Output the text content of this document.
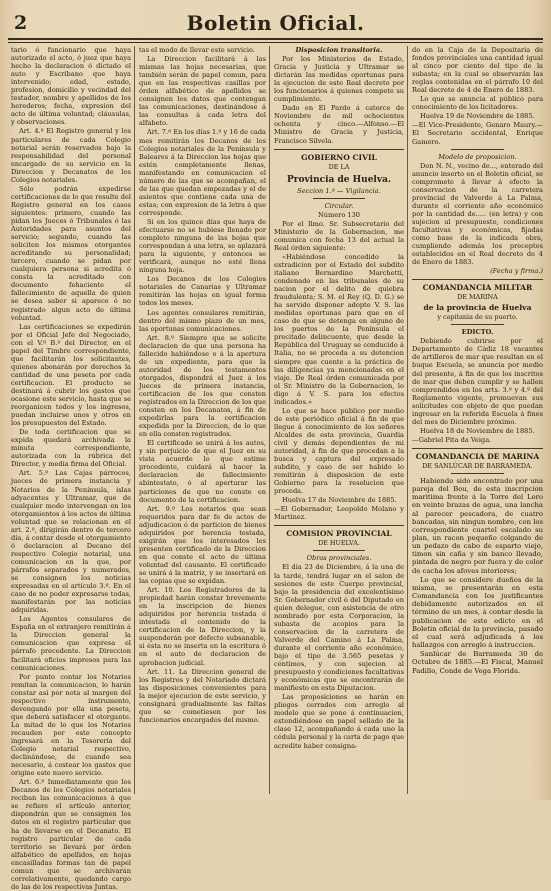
2	Boletin Oficial.

tario ó funcionario que haya autorizado el acto, ó juez que haya hecho la declaracion ó dictado el auto y Escribano que haya intervenido; edad, estado, profesion, domicilio y vecindad del testador, nombre y apellidos de los herederos; fecha, expresion del acto de última voluntad; cláusulas, y observaciones.

Art. 4.º El Registro general y los particulares de cada Colegio notarial serán reservados bajo la responsabilidad del personal encargado de su servicio en la Direccion y Decanatos de los Colegios notariales.

Sólo podrán expedirse certificaciones de lo que resulte del Registro general en los casos siguientes: primero, cuando las pidan los Jueces ó Tribunales ó las Autoridades para asuntos del servicio; segundo, cuando las soliciten los mismos otorgantes acreditando su personalidad; tercero, cuando se pidan por cualquiera persona si acredita ó consta la acreditado con documento fehaciente el fallecimiento de aquella de quien se desea saber si aparece ó no registrado algun acto de última voluntad.

Las certificaciones se expedirán por el Oficial Jefe del Negociado, con el V.º B.º del Director, en el papel del Timbre correspondiente, que facilitarán los solicitantes, quienes abonarán por derechos la cantidad de una peseta por cada certificacion. El producto se destinará á cubrir los gastos que ocasione este servicio, hasta que se reorganicen todos y los ingresos, puedan incluirse unos y otros en los presupuestos del Estado.

De toda certificacion que se expida quedará archivada la minuta correspondiente, autorizada con la rúbrica del Director, y media firma del Oficial.

Art. 5.º Las Cajas párrocos, jueces de primera instancia y Notarios de la Península, islas adyacentes y Ultramar, que de cualquier modo intervengan en los otorgamientos á los actos de última voluntad que se relacionan en el art. 2.º, dirigirán dentro de tercero día, á contar desde el otorgamiento ó declaracion al Decano del respectivo Colegio notarial, una comunicacion en la que, por párrafos separados y numerados, se consignen los noticias expresadas en el artículo 3.º. En el caso de no poder expresarse todas, manifestarán por las noticias adquiridas.

Los Agentes consulares de España en el extranjero remitirán á la Direccion general la comunicacion que expresa el párrafo precedente. La Direccion facilitará oficios impresos para las comunicaciones.

Por punto contar los Notarios remitan la comunicacion, lo harán constar así por nota al margen del respectivo instrumento, devengando por ella una peseta, que deberá satisfacer el otorgante. La mitad de lo que los Notarios recauden por este concepto ingresará en la Tesorería del Colegio notarial respectivo, declinándose, de cuando sea necesario, á costear los gastos que origine este nuevo servicio.

Art. 6.º Inmediatamente que los Decanos de los Colegios notariales reciban las comunicaciones á que se refiere el artículo anterior, dispondrán que se consignen los datos en el registro particular que ha de llevarse en el Decanato. El registro particular de cada territorio se llevará por órden alfabético de apellidos, en hojas encasilladas formas tan de papel comun que se archivarán correlativamente, quedando cargo de las de los respectivas Juntas.

tas el modo de llevar este servicio.

La Direccion facilitará á las mismas las hojas necesarias, que también serán de papel comun, para que en las respectivas casillas por órden alfabético de apellidos se consignen los datos que contengan las comunicaciones, destinándose á las consultas á cada letra del alfabeto.

Art. 7.º En los días 1.º y 16 de cada mes remitirán los Decanos de los Colegios notariales de la Península y Baleares á la Direccion las hojas que estén completamente llenas, manifestando en comunicacion el número de las que se acompañan, el de las que quedan empezadas y el de asientos que contiene cada una de estas; con expresion de la letra á que corresponde.

Si en los quince días que haya de efectuarse no se hubiese llenado por completo ninguna de las hojas que correspondan á una letra, se aplazará para la siguiente, y entonces se verificará, aunque no esté llena ninguna hoja.

Los Decanos de los Colegios notariales de Canarias y Ultramar remitirán las hojas en igual forma todos los meses.

Los agentes consulares remitirán, dentro del mismo plazo de un mes, las oportunas comunicaciones.

Art. 8.º Siempre que se solicite declaracion de que una persona ha fallecido habiéndose o á la apertura de un expediente, para que la autoridad de los testamentos otorgados, dispondrá el Juez á los Jueces de primera instancia, certificacion de los que consten registrados en la Direccion de los que consten en los Decanatos, á fin de expedirlas para la certificacion expedida por la Direccion, de lo que en ella consten registrados.

El certificado se unirá á los autos, y sin perjuicio de que el Juez en su vista acuerde lo que estime procedente, cuidará al hacer la declaracion de fallecimiento abintestato, ó al aperturar las particiones de que no conste en documento de la certificacion.

Art. 9.º Los notarios que sean requeridos para dar fe de actos de adjudicacion ó de particion de bienes adquiridos por herencia testada, exigirán que los interesados les presenten certificado de la Direccion en que conste el acto de última voluntad del causante. El certificado se unirá á la matriz, y se insertará en las copias que se expidan.

Art. 10. Los Registradores de la propiedad harán constar brevemente en la inscripcion de bienes adquiridos por herencia testada ó intestada el contenido de la certificacion de la Direccion, y la suspenderán por defecto subsanable, si ésta no se inserta en la escritura ó en el auto de declaracion de aprobacion judicial.

Art. 11. La Direccion general de los Registros y del Notariado dictará las disposiciones convenientes para la mejor ejecucion de este servicio, y consignará gradualmente las faltas que se cometiesen por los funcionarios encargados del mismo.

Disposicion transitoria.

Por los Ministerios de Estado, Gracia y Justicia y Ultramar se dictarán las medidas oportunas para la ejecucion de este Real decreto por los funcionarios á quienes compete su cumplimiento.

Dado en El Pardo á catorce de Noviembre de mil ochocientos ochenta y cinco.—Alfonso.—El Ministro de Gracia y Justicia, Francisco Silvela.

GOBIERNO CIVIL
DE LA
Provincia de Huelva.

Seccion 1.ª — Vigilancia.

Circular.

Número 130

Por el Ilmo. Sr. Subsecretario del Ministerio de la Gobernacion, me comunica con fecha 13 del actual la Real órden siguiente:

«Habiéndose concedido la extradicion por el Estado del subdito italiano Bernardino Marchetti, condenado en las tribunales de su nacion por el delito de quiebra fraudulenta; S. M. el Rey (Q. D. G.) se ha servido disponer adopte V. S. las medidas oportunas para que en el caso de que se detenga en alguno de los puertos de la Península el precitado delincuente, que desde la República del Uruguay se conducido á Italia, no se proceda a su detencion siempre que cuente a la práctica de las diligencias ya mencionadas en el viaje. De Real órden comunicada por el Sr. Ministro de la Gobernacion, lo digo á V. S. para los efectos indicados.»

Lo que se hace público por medio de este periódico oficial á fin de que llegue á conocimiento de los señores Alcaldes de esta provincia, Guardia civil y demás dependientes de mi autoridad, á fin de que procedan a la busca y captura del expresado subdito, y caso de ser habido lo remitirán á disposicion de este Gobierno para la resolucion que proceda.

Huelva 17 de Noviembre de 1885.

—El Gobernador, Leopoldo Molano y Martinez.

COMISION PROVINCIAL
DE HUELVA.

Obras provinciales.

El dia 23 de Diciembre, á la una de la tarde, tendrá lugar en el salon de sesiones de este Cuerpo provincial, bajo la presidencia del excelentísimo Sr. Gobernador civil ó del Diputado en quien delegue, con asistencia de otro nombrado por esta Corporacion, la subasta de acopios para la conservacion de la carretera de Valverde del Camino á La Palma, durante el corriente año económico, bajo el tipo de 3.565 pesetas y céntimos, y con sujecion al presupuesto y condiciones facultativas y económicas que se encontrarán de manifiesto en esta Diputacion.

Las proposiciones se harán en pliegos cerrados con arreglo al modelo que se pone á continuacion, extendiéndose en papel sellado de la clase 12, acompañando á cada uno la cédula personal y la carta de pago que acredite haber consigna-

do en la Caja de la Depositaria de fondos provinciales una cantidad igual al cinco por ciento del tipo de la subasta; en la cual se observarán las reglas contenidas en el párrafo 10 del Real decreto de 4 de Enero de 1883.

Lo que se anuncia al público para conocimiento de los licitadores.

Huelva 19 de Noviembre de 1885.

—El Vice-Presidente, Genaro Maury.—El Secretario accidental, Enrique Gamero.

Modelo de proposicion.

Don N. N., vecino de..., enterado del anuncio inserto en el Boletin oficial, se compromete á llevar á efecto la conservacion de la carretera provincial de Valverde á La Palma, durante el corriente año económico por la cantidad de..... (en letra) y con sujecion al presupuesto, condiciones facultativas y económicas, fijadas como base de la indicada obra, cumpliendo además los preceptos establecidos en el Real decreto de 4 de Enero de 1883.

(Fecha y firma.)

COMANDANCIA MILITAR
DE MARINA
de la provincia de Huelva
y capitania de su puerto.

EDICTO.

Debiendo cubrirse por el Departamento de Cádiz 18 vacantes de artilleros de mar que resultan en el buque Escuela, se anuncia por medio del presente, á fin de que los inscritos de mar que deben cumplir y se hallen comprendidos en los arts. 3.º y 4.º del Reglamento vigente, promuevan sus solicitudes con objeto de que puedan ingresar en la referida Escuela á fines del mes de Diciembre próximo.

Huelva 18 de Noviembre de 1885.

—Gabriel Pita da Veiga.

COMANDANCIA DE MARINA
DE SANLÚCAR DE BARRAMEDA.

Habiendo sido encontrado por una pareja del Bou, de esta inscripcion maritima frente á la Torre del Loro en veinte brazas de agua, una lancha al parecer pescadora, de cuatro bancadas, sin ningun nombre, con los correspondiente cuartel escalado su plan, un racon pequeño colgando de un pedazo de cabo de esparto viejo, timon sin caña y sin banco llevado, pintada de negro por fuera y de color de cacha los afoves interiores;

Lo que se considere dueños de la misma, se presentarán en esta Comandancia con los justificantes debidamente autorizados en el término de un mes, á contar desde la publicacion de este edicto en el Boletin oficial de la provincia, pasado el cual será adjudicada á los hallazgos con arreglo á instruccion.

Sanlúcar de Barrameda 30 de Octubre de 1885.—El Fiscal, Manuel Padillo, Conde de Vega Florida.
